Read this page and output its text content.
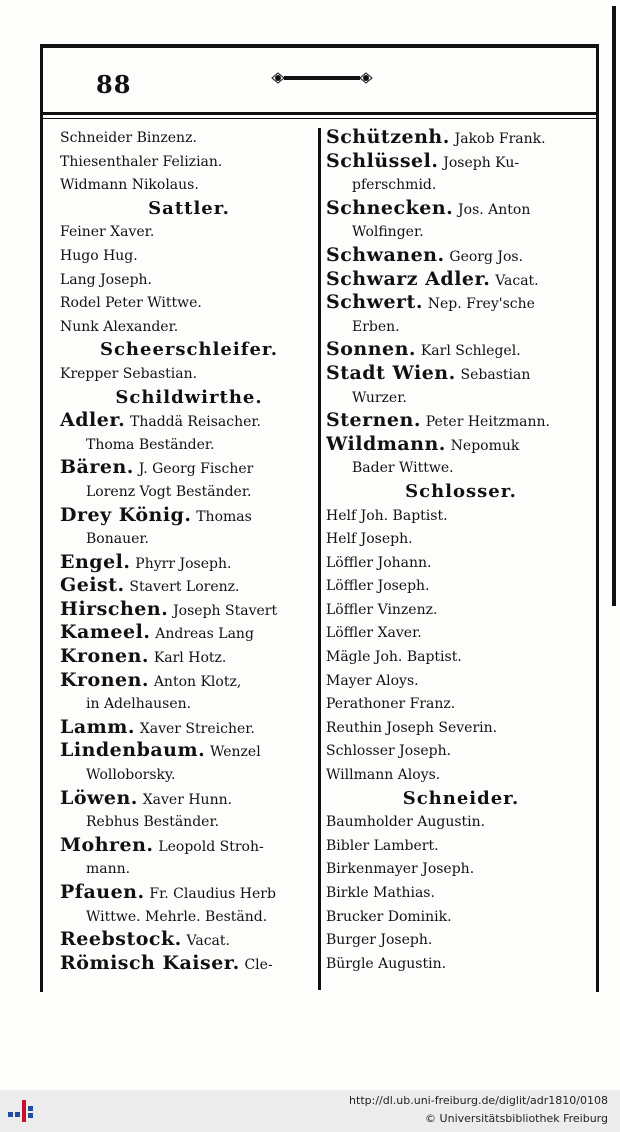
88
Schneider Binzenz.
Thiesenthaler Felizian.
Widmann Nikolaus.
Sattler.
Feiner Xaver.
Hugo Hug.
Lang Joseph.
Rodel Peter Wittwe.
Nunk Alexander.
Scheerschleifer.
Krepper Sebastian.
Schildwirthe.
Adler. Thaddä Reisacher.
Thoma Beständer.
Bären. J. Georg Fischer
Lorenz Vogt Beständer.
Drey König. Thomas
Bonauer.
Engel. Phyrr Joseph.
Geist. Stavert Lorenz.
Hirschen. Joseph Stavert
Kameel. Andreas Lang
Kronen. Karl Hotz.
Kronen. Anton Klotz,
in Adelhausen.
Lamm. Xaver Streicher.
Lindenbaum. Wenzel
Wolloborsky.
Löwen. Xaver Hunn.
Rebhus Beständer.
Mohren. Leopold Stroh-
mann.
Pfauen. Fr. Claudius Herb
Wittwe. Mehrle. Beständ.
Reebstock. Vacat.
Römisch Kaiser. Cle-
Schützenh. Jakob Frank.
Schlüssel. Joseph Ku-
pferschmid.
Schnecken. Jos. Anton
Wolfinger.
Schwanen. Georg Jos.
Schwarz Adler. Vacat.
Schwert. Nep. Frey'sche
Erben.
Sonnen. Karl Schlegel.
Stadt Wien. Sebastian
Wurzer.
Sternen. Peter Heitzmann.
Wildmann. Nepomuk
Bader Wittwe.
Schlosser.
Helf Joh. Baptist.
Helf Joseph.
Löffler Johann.
Löffler Joseph.
Löffler Vinzenz.
Löffler Xaver.
Mägle Joh. Baptist.
Mayer Aloys.
Perathoner Franz.
Reuthin Joseph Severin.
Schlosser Joseph.
Willmann Aloys.
Schneider.
Baumholder Augustin.
Bibler Lambert.
Birkenmayer Joseph.
Birkle Mathias.
Brucker Dominik.
Burger Joseph.
Bürgle Augustin.
http://dl.ub.uni-freiburg.de/diglit/adr1810/0108
© Universitätsbibliothek Freiburg
